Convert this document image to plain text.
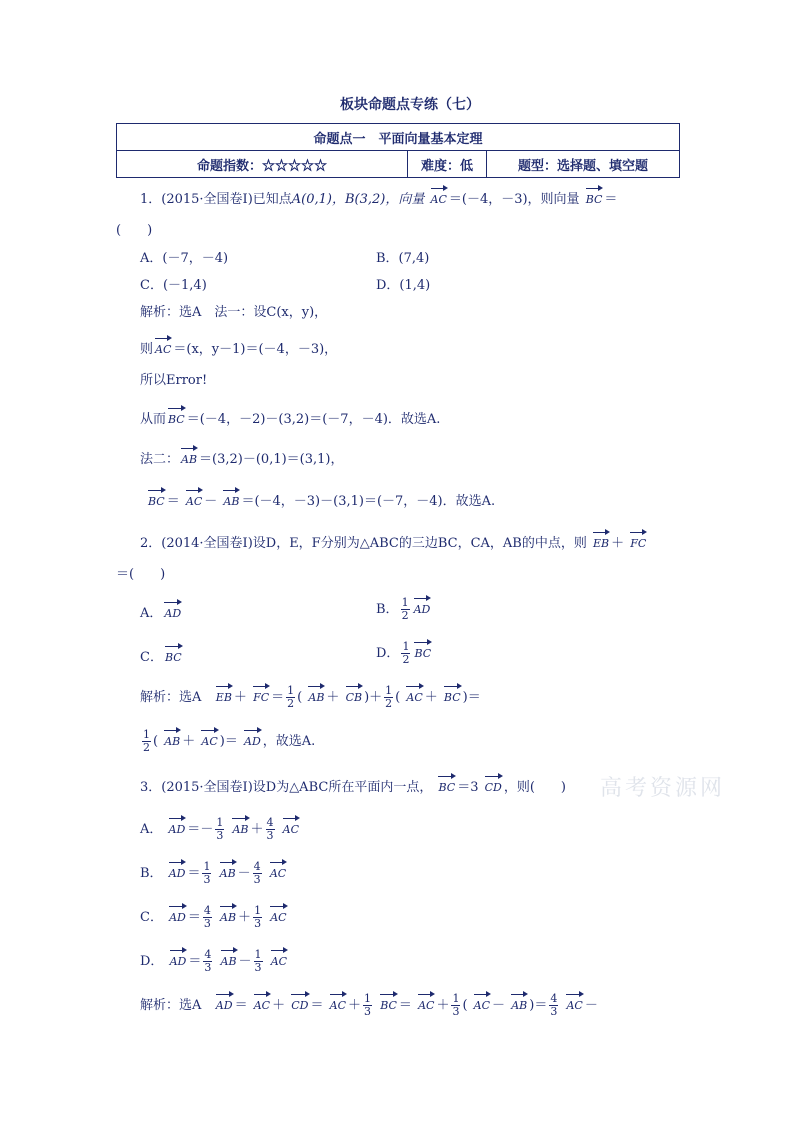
板块命题点专练（七）
命题点一　平面向量基本定理
命题指数：☆☆☆☆☆	难度：低	题型：选择题、填空题
1．(2015·全国卷Ⅰ)已知点A(0,1)，B(3,2)，向量 AC ＝(－4，－3)，则向量 BC ＝
(　　)
A．(－7，－4)	B．(7,4)
C．(－1,4)	D．(1,4)
解析：选A　法一：设C(x，y)，
则 AC ＝(x，y－1)＝(－4，－3)，
所以Error!
从而 BC ＝(－4，－2)－(3,2)＝(－7，－4)．故选A.
法二： AB ＝(3,2)－(0,1)＝(3,1)，
BC ＝ AC － AB ＝(－4，－3)－(3,1)＝(－7，－4)．故选A.
2．(2014·全国卷Ⅰ)设D，E，F分别为△ABC的三边BC，CA，AB的中点，则 EB ＋ FC
＝(　　)
A． AD	B． $\frac{1}{2}$ AD
C． BC	D． $\frac{1}{2}$ BC
解析：选A EB ＋ FC ＝ $\frac{1}{2}$ ( AB ＋ CB )＋ $\frac{1}{2}$ ( AC ＋ BC )＝
$\frac{1}{2}$ ( AB ＋ AC )＝ AD ，故选A.
3．(2015·全国卷Ⅰ)设D为△ABC所在平面内一点， BC ＝3 CD ，则(　　) 高考资源网
A． AD ＝－ $\frac{1}{3}$ AB ＋ $\frac{4}{3}$ AC
B． AD ＝ $\frac{1}{3}$ AB － $\frac{4}{3}$ AC
C． AD ＝ $\frac{4}{3}$ AB ＋ $\frac{1}{3}$ AC
D． AD ＝ $\frac{4}{3}$ AB － $\frac{1}{3}$ AC
解析：选A AD ＝ AC ＋ CD ＝ AC ＋ $\frac{1}{3}$ BC ＝ AC ＋ $\frac{1}{3}$ ( AC － AB )＝ $\frac{4}{3}$ AC －
